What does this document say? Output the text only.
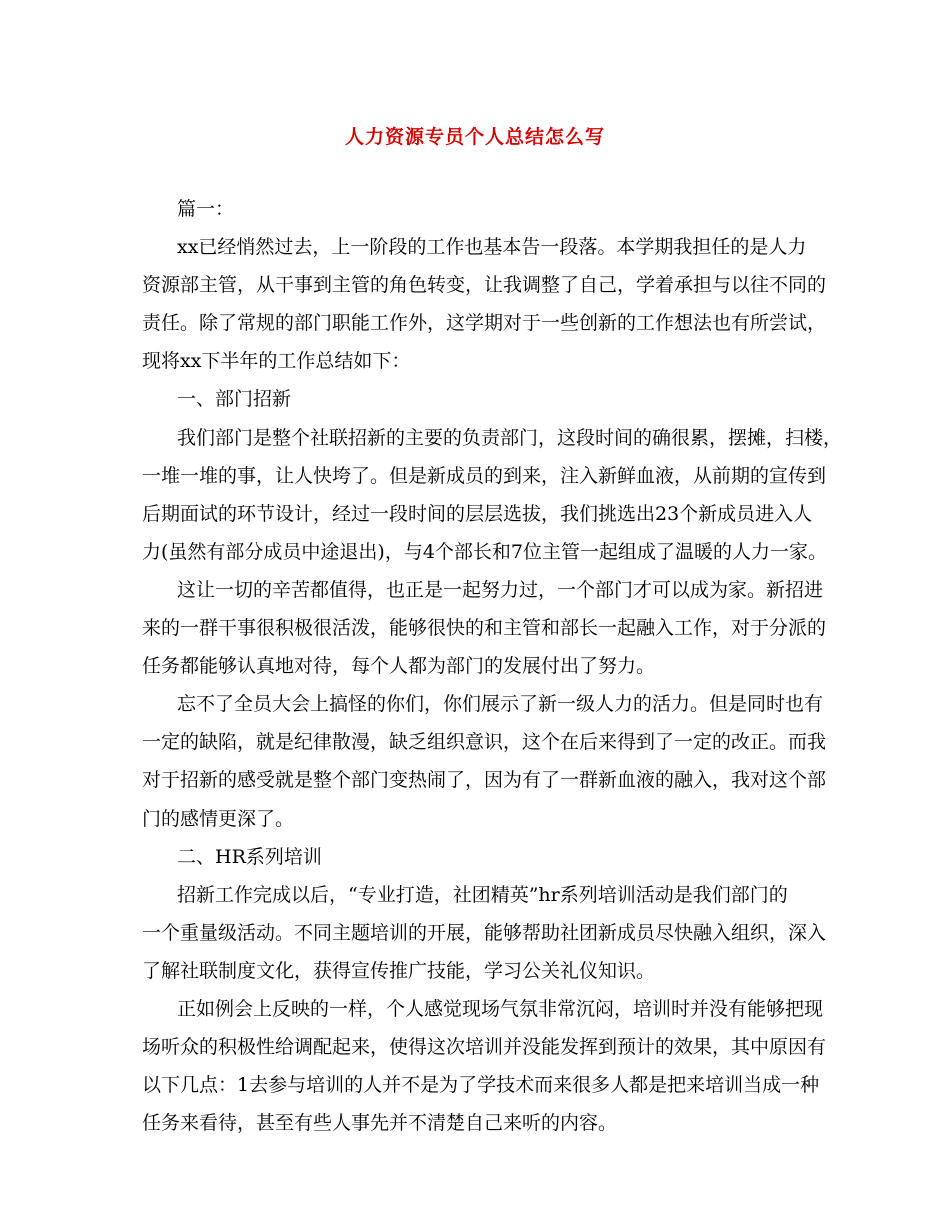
人力资源专员个人总结怎么写
篇一：
xx已经悄然过去，上一阶段的工作也基本告一段落。本学期我担任的是人力
资源部主管，从干事到主管的角色转变，让我调整了自己，学着承担与以往不同的
责任。除了常规的部门职能工作外，这学期对于一些创新的工作想法也有所尝试，
现将xx下半年的工作总结如下：
一、部门招新
我们部门是整个社联招新的主要的负责部门，这段时间的确很累，摆摊，扫楼，
一堆一堆的事，让人快垮了。但是新成员的到来，注入新鲜血液，从前期的宣传到
后期面试的环节设计，经过一段时间的层层选拔，我们挑选出23个新成员进入人
力(虽然有部分成员中途退出)，与4个部长和7位主管一起组成了温暖的人力一家。
这让一切的辛苦都值得，也正是一起努力过，一个部门才可以成为家。新招进
来的一群干事很积极很活泼，能够很快的和主管和部长一起融入工作，对于分派的
任务都能够认真地对待，每个人都为部门的发展付出了努力。
忘不了全员大会上搞怪的你们，你们展示了新一级人力的活力。但是同时也有
一定的缺陷，就是纪律散漫，缺乏组织意识，这个在后来得到了一定的改正。而我
对于招新的感受就是整个部门变热闹了，因为有了一群新血液的融入，我对这个部
门的感情更深了。
二、HR系列培训
招新工作完成以后，“专业打造，社团精英”hr系列培训活动是我们部门的
一个重量级活动。不同主题培训的开展，能够帮助社团新成员尽快融入组织，深入
了解社联制度文化，获得宣传推广技能，学习公关礼仪知识。
正如例会上反映的一样，个人感觉现场气氛非常沉闷，培训时并没有能够把现
场听众的积极性给调配起来，使得这次培训并没能发挥到预计的效果，其中原因有
以下几点：1去参与培训的人并不是为了学技术而来很多人都是把来培训当成一种
任务来看待，甚至有些人事先并不清楚自己来听的内容。
